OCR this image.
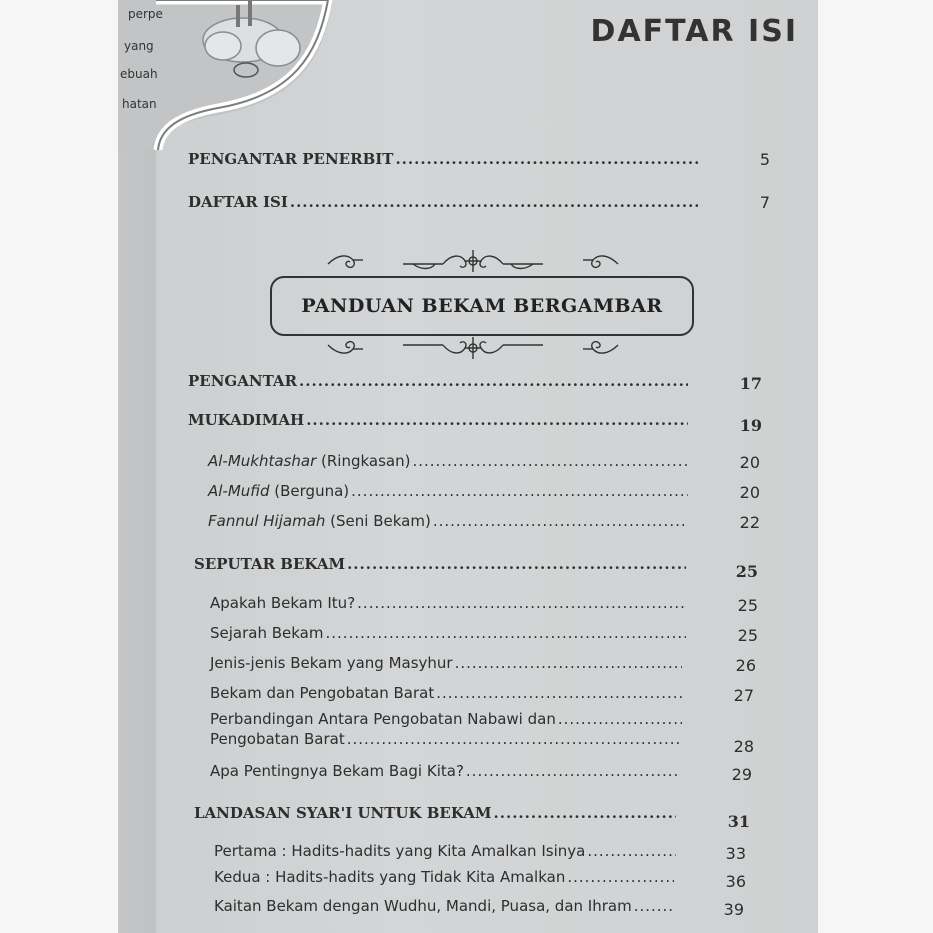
perpe
yang
ebuah
hatan
DAFTAR ISI
PENGANTAR PENERBIT .....	5
DAFTAR ISI .....	7
PANDUAN BEKAM BERGAMBAR
PENGANTAR .....	17
MUKADIMAH .....	19
Al-Mukhtashar (Ringkasan) .....	20
Al-Mufid (Berguna) .....	20
Fannul Hijamah (Seni Bekam) .....	22
SEPUTAR BEKAM .....	25
Apakah Bekam Itu? .....	25
Sejarah Bekam .....	25
Jenis-jenis Bekam yang Masyhur .....	26
Bekam dan Pengobatan Barat .....	27
Perbandingan Antara Pengobatan Nabawi dan
.....
Pengobatan Barat .....	28
Apa Pentingnya Bekam Bagi Kita? .....	29
LANDASAN SYAR'I UNTUK BEKAM .....	31
Pertama : Hadits-hadits yang Kita Amalkan Isinya .....	33
Kedua : Hadits-hadits yang Tidak Kita Amalkan .....	36
Kaitan Bekam dengan Wudhu, Mandi, Puasa, dan Ihram .....	39
